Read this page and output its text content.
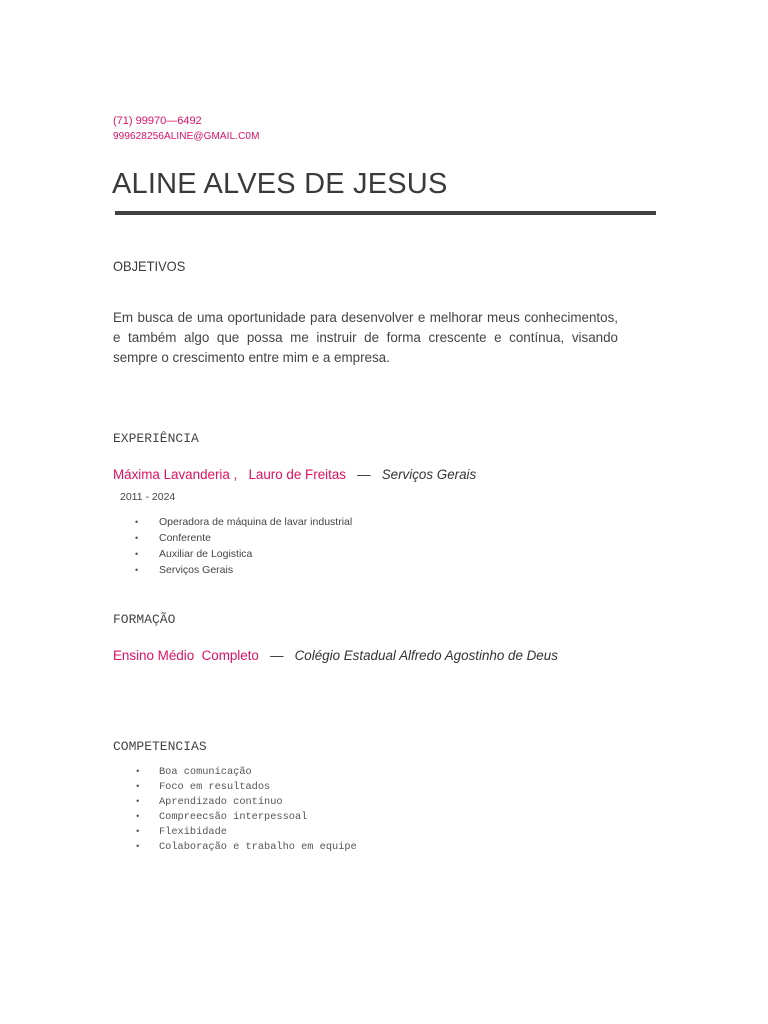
(71) 99970—6492
999628256ALINE@GMAIL.C0M
ALINE ALVES DE JESUS
OBJETIVOS
Em busca de uma oportunidade para desenvolver e melhorar meus conhecimentos, e também algo que possa me instruir de forma crescente e contínua, visando sempre o crescimento entre mim e a empresa.
EXPERIÊNCIA
Máxima Lavanderia , Lauro de Freitas — Serviços Gerais
2011 - 2024
• Operadora de máquina de lavar industrial
• Conferente
• Auxiliar de Logistica
• Serviços Gerais
FORMAÇÃO
Ensino Médio  Completo — Colégio Estadual Alfredo Agostinho de Deus
COMPETENCIAS
• Boa comunicação
• Foco em resultados
• Aprendizado contínuo
• Compreecsão interpessoal
• Flexibidade
• Colaboração e trabalho em equipe
